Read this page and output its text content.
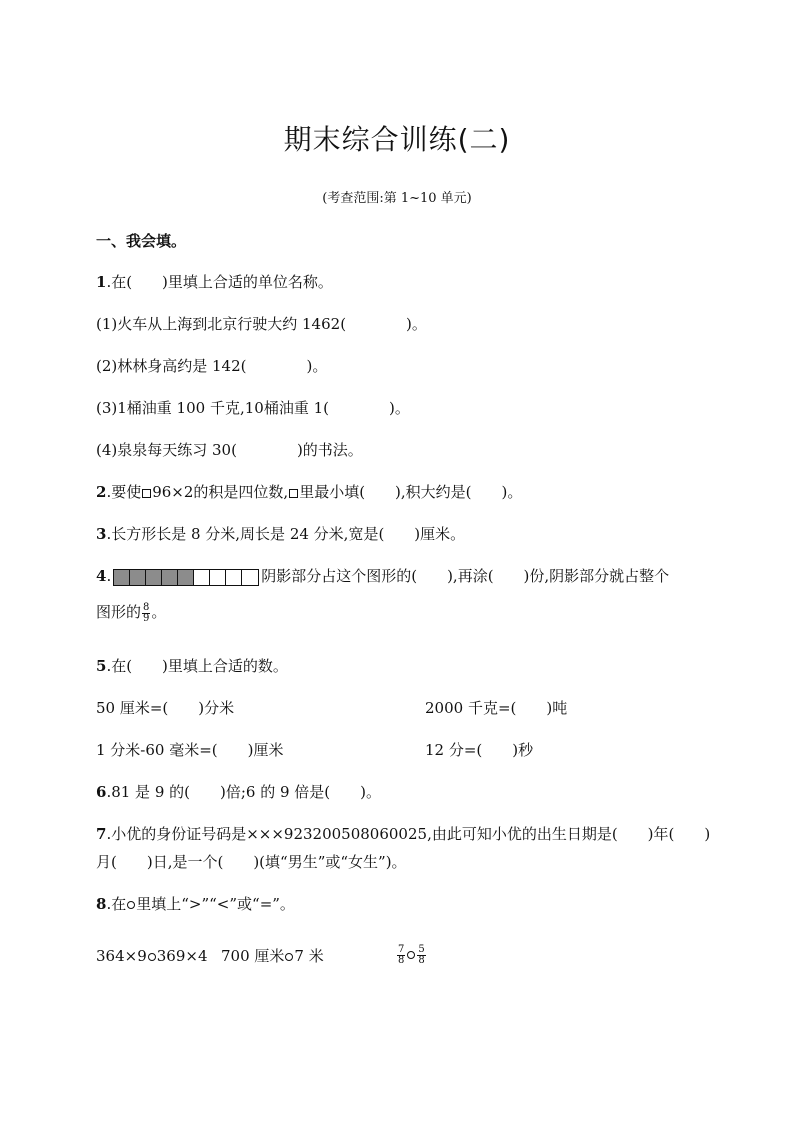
期末综合训练(二)
(考查范围:第 1~10 单元)
一、我会填。
1.在(　　)里填上合适的单位名称。
(1)火车从上海到北京行驶大约 1462(　　　　)。
(2)林林身高约是 142(　　　　)。
(3)1桶油重 100 千克,10桶油重 1(　　　　)。
(4)泉泉每天练习 30(　　　　)的书法。
2.要使 96×2的积是四位数, 里最小填(　　),积大约是(　　)。
3.长方形长是 8 分米,周长是 24 分米,宽是(　　)厘米。
4.	阴影部分占这个图形的(　　),再涂(　　)份,阴影部分就占整个
图形的 $\frac{8}{9}$ 。
5.在(　　)里填上合适的数。
50 厘米=(　　)分米	2000 千克=(　　)吨
1 分米-60 毫米=(　　)厘米	12 分=(　　)秒
6.81 是 9 的(　　)倍;6 的 9 倍是(　　)。
7.小优的身份证号码是×××923200508060025,由此可知小优的出生日期是(　　)年(　　)
月(　　)日,是一个(　　)(填“男生”或“女生”)。
8.在 里填上“>”“<”或“=”。
364×9 369×4 700 厘米 7 米	$\frac{7}{8} \frac{5}{8}$
